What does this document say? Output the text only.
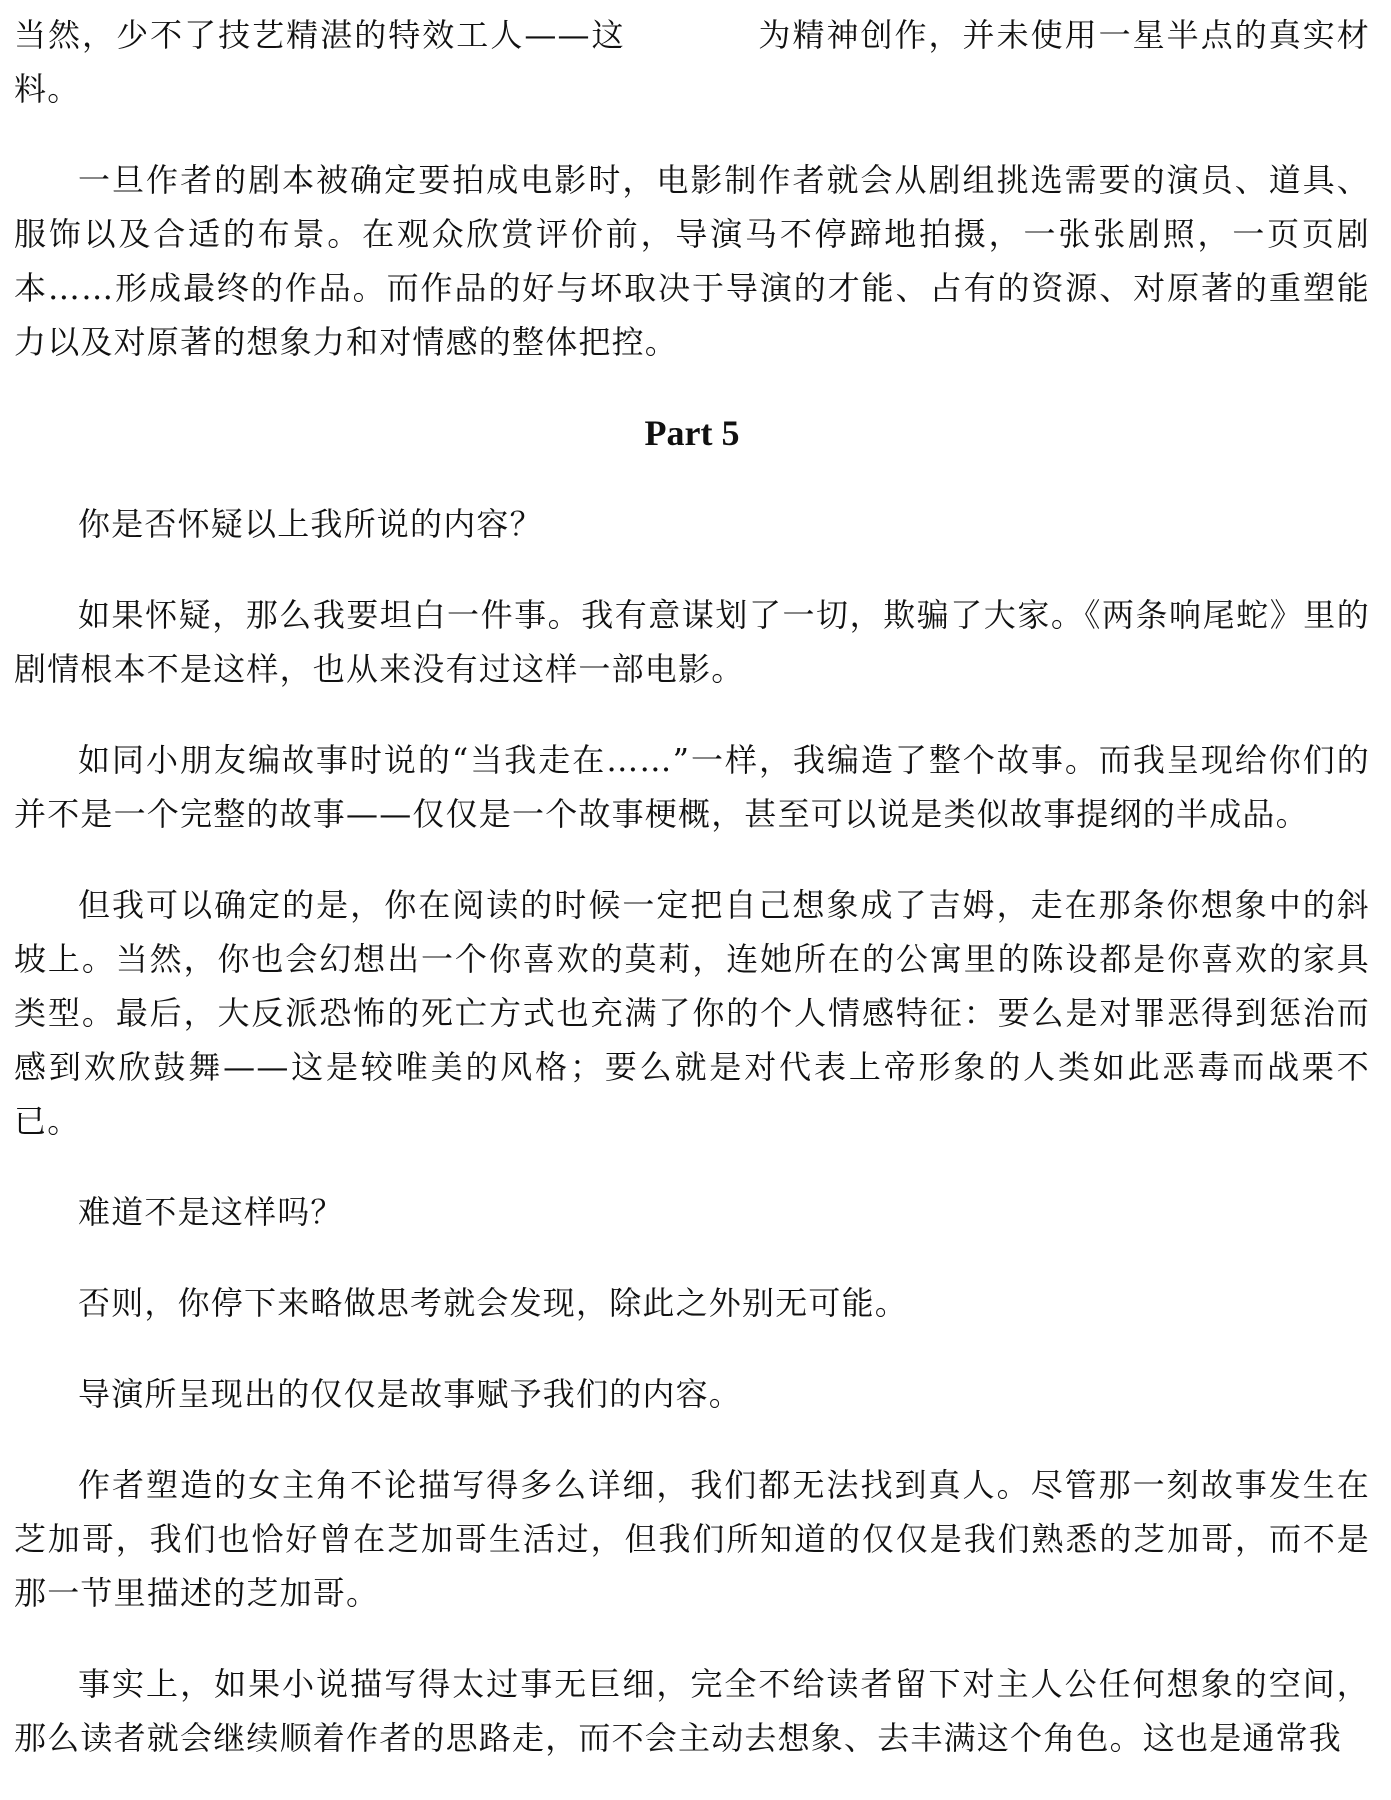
当然，少不了技艺精湛的特效工人——这	为精神创作，并未使用一星半点的真实材料。

一旦作者的剧本被确定要拍成电影时，电影制作者就会从剧组挑选需要的演员、道具、服饰以及合适的布景。在观众欣赏评价前，导演马不停蹄地拍摄，一张张剧照，一页页剧本……形成最终的作品。而作品的好与坏取决于导演的才能、占有的资源、对原著的重塑能力以及对原著的想象力和对情感的整体把控。

Part 5

你是否怀疑以上我所说的内容？

如果怀疑，那么我要坦白一件事。我有意谋划了一切，欺骗了大家。《两条响尾蛇》里的剧情根本不是这样，也从来没有过这样一部电影。

如同小朋友编故事时说的“当我走在……”一样，我编造了整个故事。而我呈现给你们的并不是一个完整的故事——仅仅是一个故事梗概，甚至可以说是类似故事提纲的半成品。

但我可以确定的是，你在阅读的时候一定把自己想象成了吉姆，走在那条你想象中的斜坡上。当然，你也会幻想出一个你喜欢的莫莉，连她所在的公寓里的陈设都是你喜欢的家具类型。最后，大反派恐怖的死亡方式也充满了你的个人情感特征：要么是对罪恶得到惩治而感到欢欣鼓舞——这是较唯美的风格；要么就是对代表上帝形象的人类如此恶毒而战栗不已。

难道不是这样吗？

否则，你停下来略做思考就会发现，除此之外别无可能。

导演所呈现出的仅仅是故事赋予我们的内容。

作者塑造的女主角不论描写得多么详细，我们都无法找到真人。尽管那一刻故事发生在芝加哥，我们也恰好曾在芝加哥生活过，但我们所知道的仅仅是我们熟悉的芝加哥，而不是那一节里描述的芝加哥。

事实上，如果小说描写得太过事无巨细，完全不给读者留下对主人公任何想象的空间，那么读者就会继续顺着作者的思路走，而不会主动去想象、去丰满这个角色。这也是通常我
